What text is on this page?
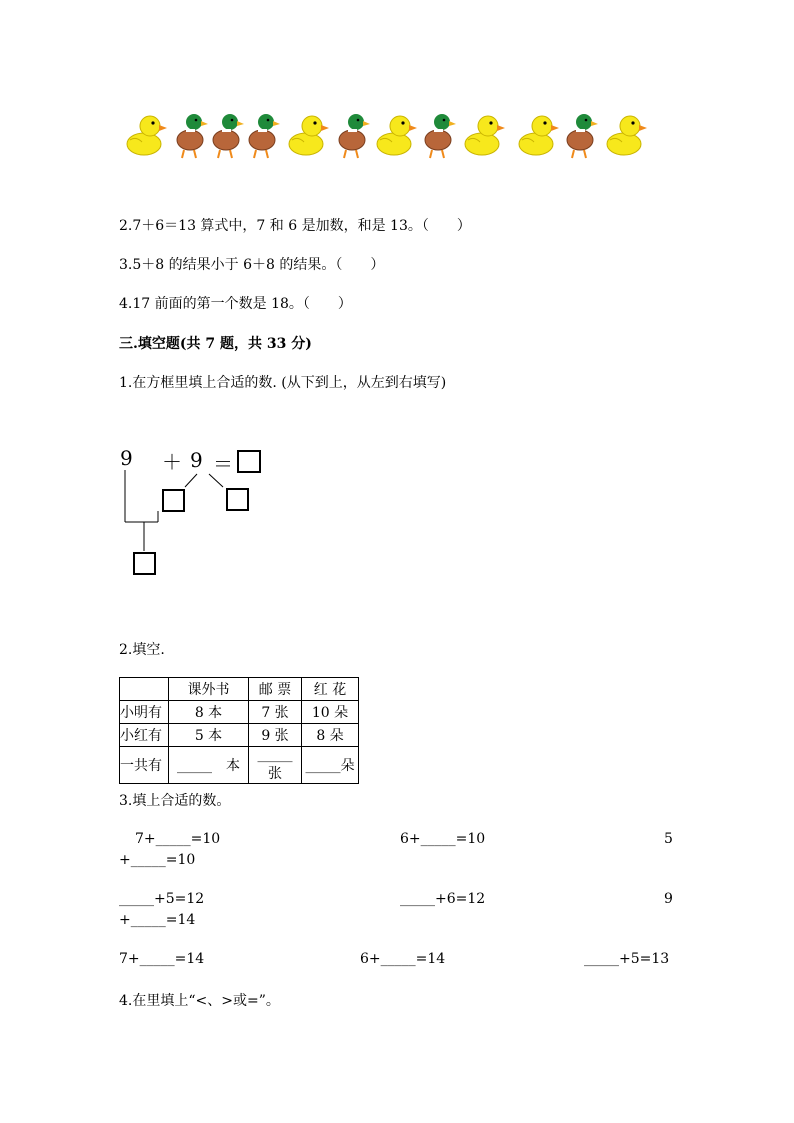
2.7＋6＝13 算式中，7 和 6 是加数，和是 13。（　　）
3.5＋8 的结果小于 6＋8 的结果。（　　）
4.17 前面的第一个数是 18。（　　）
三.填空题(共 7 题，共 33 分)
1.在方框里填上合适的数. (从下到上，从左到右填写)
9 ＋ 9 ＝
2.填空.
	课外书	邮 票	红 花
小明有	8 本	7 张	10 朵
小红有	5 本	9 张	8 朵
一共有	_____　本	_____张	_____朵
3.填上合适的数。
7+_____=10	6+_____=10	5
+_____=10
_____+5=12	_____+6=12	9
+_____=14
7+_____=14	6+_____=14	_____+5=13
4.在里填上“<、>或=”。
